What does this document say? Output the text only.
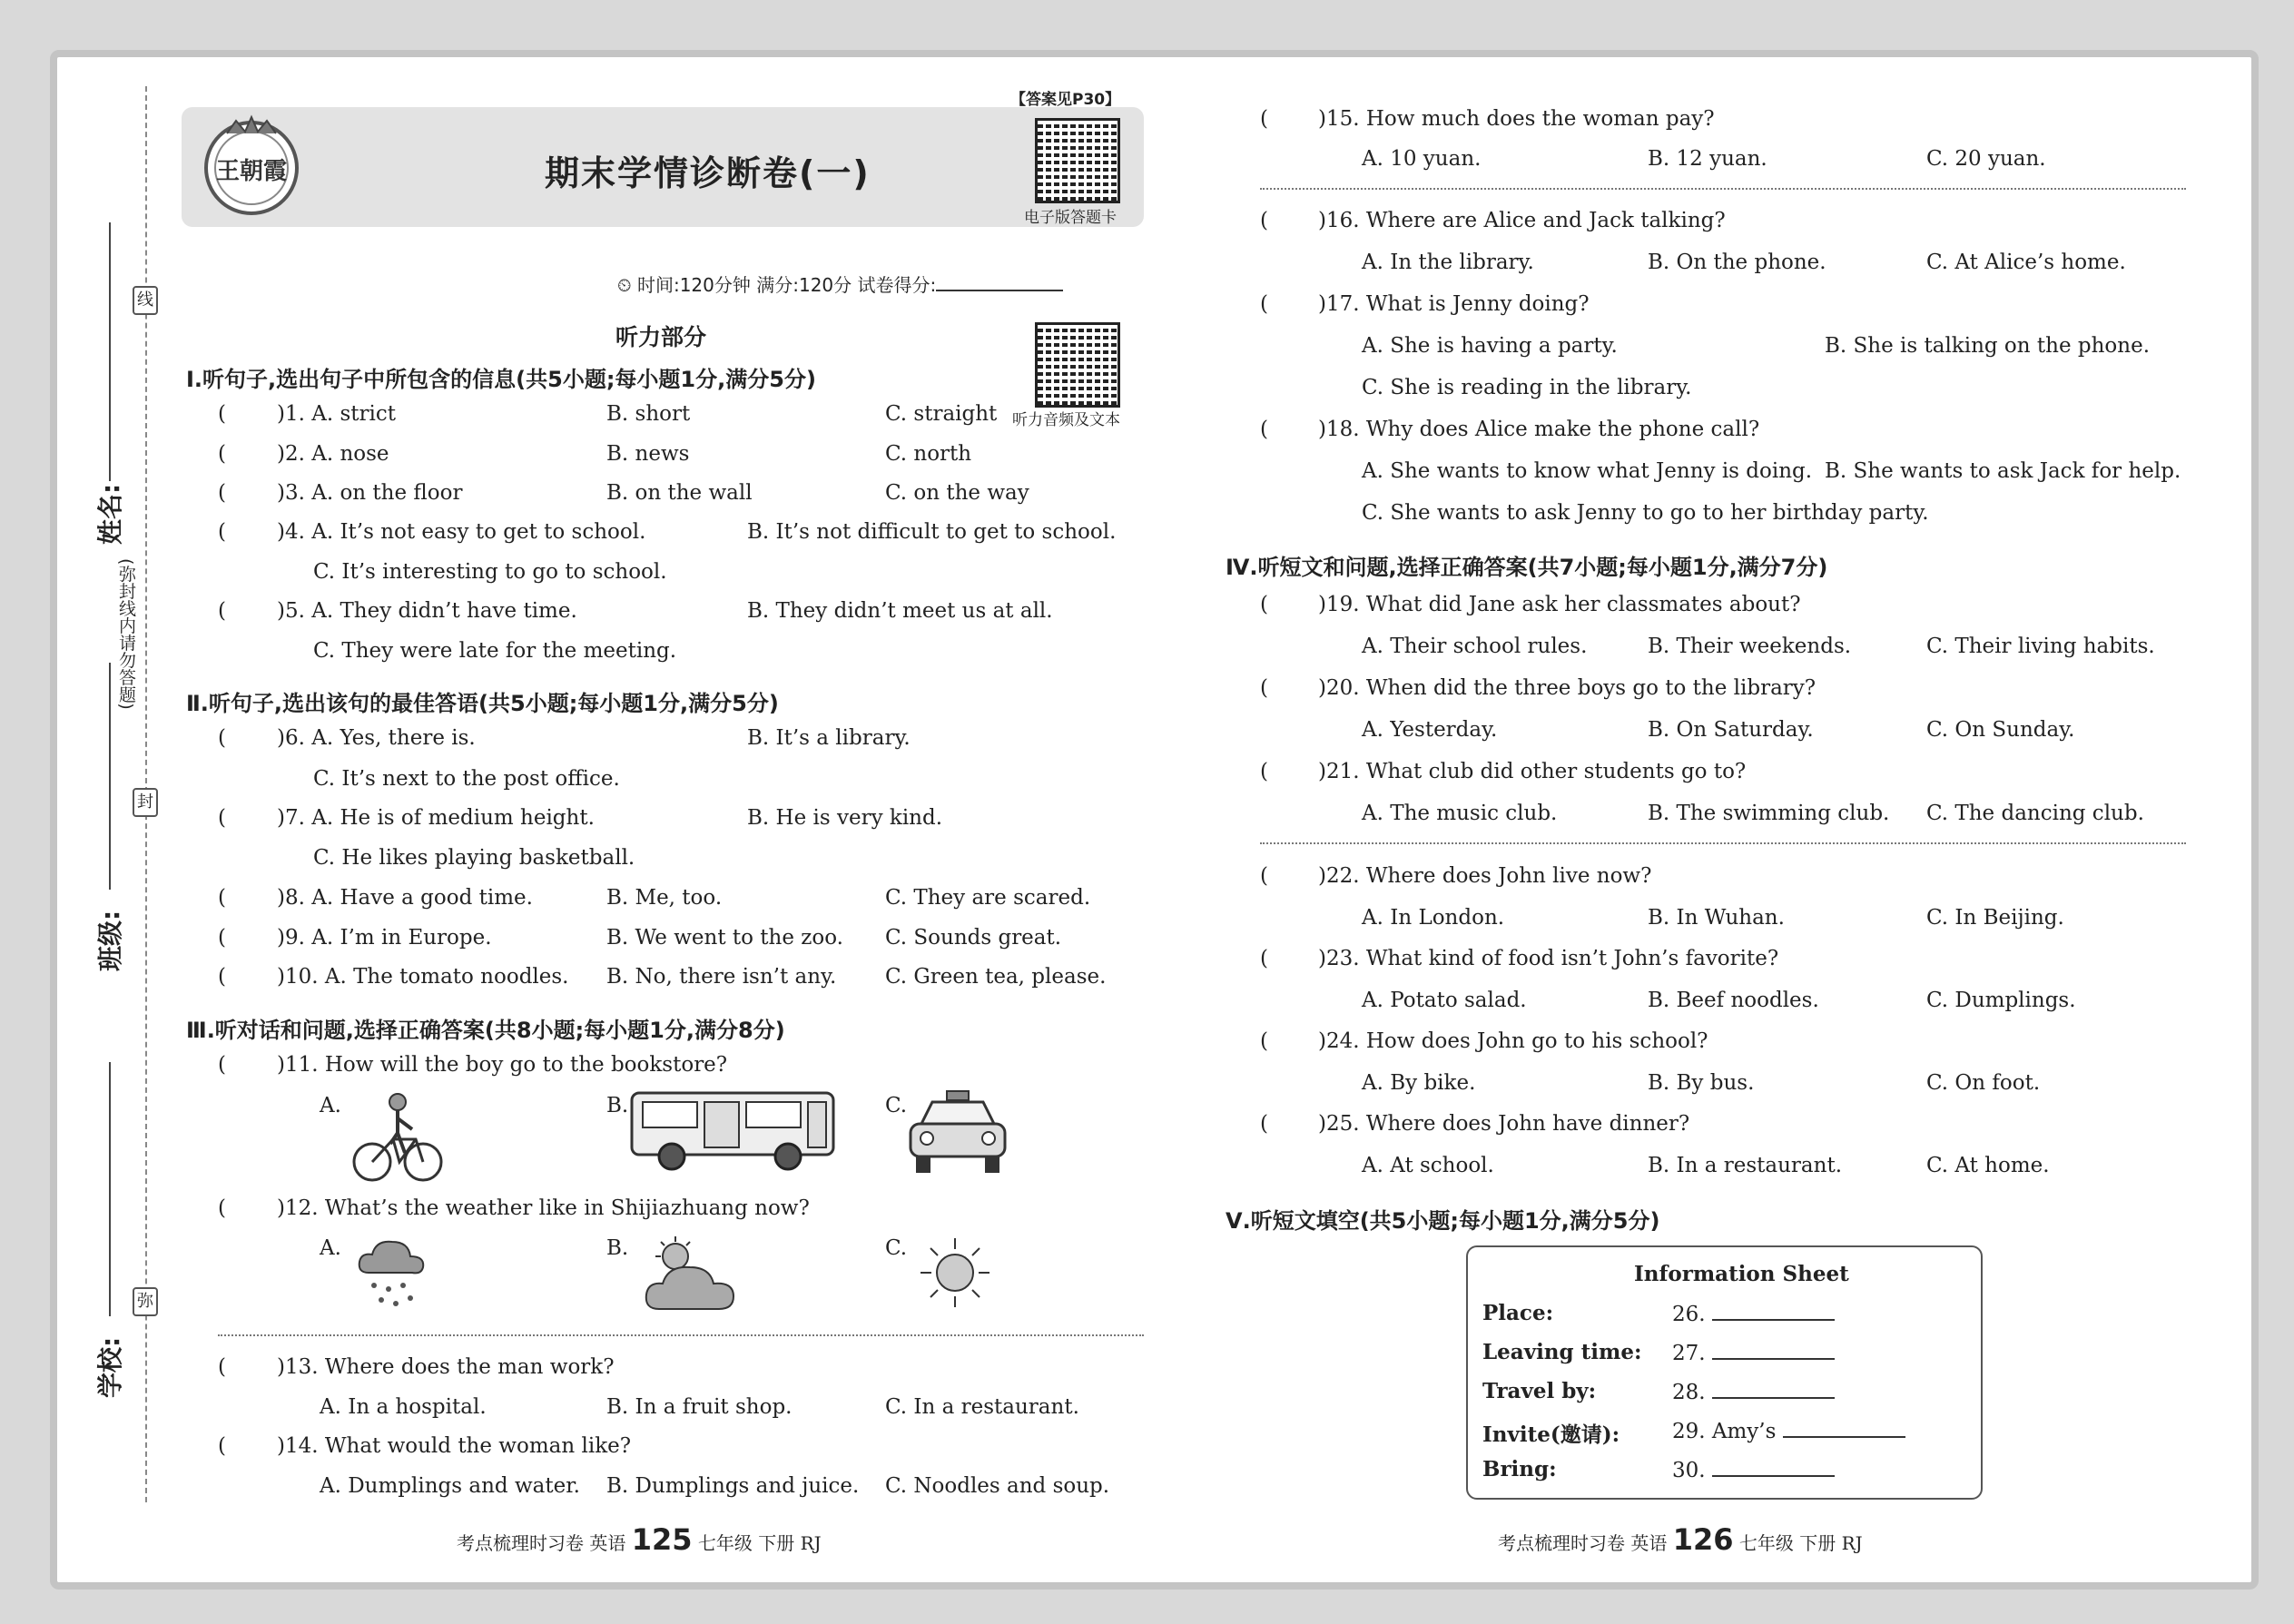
线
封
弥
姓名:
(弥封线内请勿答题)
班级:
学校:
【答案见P30】
王朝霞	期末学情诊断卷(一)
电子版答题卡
⏲ 时间:120分钟 满分:120分 试卷得分:
听力部分
听力音频及文本
Ⅰ.听句子,选出句子中所包含的信息(共5小题;每小题1分,满分5分)
( )1. A. strict	B. short	C. straight
( )2. A. nose	B. news	C. north
( )3. A. on the floor	B. on the wall	C. on the way
( )4. A. It’s not easy to get to school.	B. It’s not difficult to get to school.
C. It’s interesting to go to school.
( )5. A. They didn’t have time.	B. They didn’t meet us at all.
C. They were late for the meeting.
Ⅱ.听句子,选出该句的最佳答语(共5小题;每小题1分,满分5分)
( )6. A. Yes, there is.	B. It’s a library.
C. It’s next to the post office.
( )7. A. He is of medium height.	B. He is very kind.
C. He likes playing basketball.
( )8. A. Have a good time.	B. Me, too.	C. They are scared.
( )9. A. I’m in Europe.	B. We went to the zoo. C. Sounds great.
( )10. A. The tomato noodles. B. No, there isn’t any. C. Green tea, please.
Ⅲ.听对话和问题,选择正确答案(共8小题;每小题1分,满分8分)
( )11. How will the boy go to the bookstore?
A.	B.	C.
( )12. What’s the weather like in Shijiazhuang now?
A.	B.	C.
( )13. Where does the man work?
A. In a hospital.	B. In a fruit shop.	C. In a restaurant.
( )14. What would the woman like?
A. Dumplings and water. B. Dumplings and juice. C. Noodles and soup.
( )15. How much does the woman pay?
A. 10 yuan.	B. 12 yuan.	C. 20 yuan.
( )16. Where are Alice and Jack talking?
A. In the library.	B. On the phone.	C. At Alice’s home.
( )17. What is Jenny doing?
A. She is having a party.	B. She is talking on the phone.
C. She is reading in the library.
( )18. Why does Alice make the phone call?
A. She wants to know what Jenny is doing. B. She wants to ask Jack for help.
C. She wants to ask Jenny to go to her birthday party.
Ⅳ.听短文和问题,选择正确答案(共7小题;每小题1分,满分7分)
( )19. What did Jane ask her classmates about?
A. Their school rules.	B. Their weekends.	C. Their living habits.
( )20. When did the three boys go to the library?
A. Yesterday.	B. On Saturday.	C. On Sunday.
( )21. What club did other students go to?
A. The music club.	B. The swimming club. C. The dancing club.
( )22. Where does John live now?
A. In London.	B. In Wuhan.	C. In Beijing.
( )23. What kind of food isn’t John’s favorite?
A. Potato salad.	B. Beef noodles.	C. Dumplings.
( )24. How does John go to his school?
A. By bike.	B. By bus.	C. On foot.
( )25. Where does John have dinner?
A. At school.	B. In a restaurant.	C. At home.
Ⅴ.听短文填空(共5小题;每小题1分,满分5分)
Information Sheet
Place:	26.
Leaving time: 27.
Travel by:	28.
Invite(邀请):	29. Amy’s
Bring:	30.
考点梳理时习卷 英语 125 七年级 下册 RJ	考点梳理时习卷 英语 126 七年级 下册 RJ
